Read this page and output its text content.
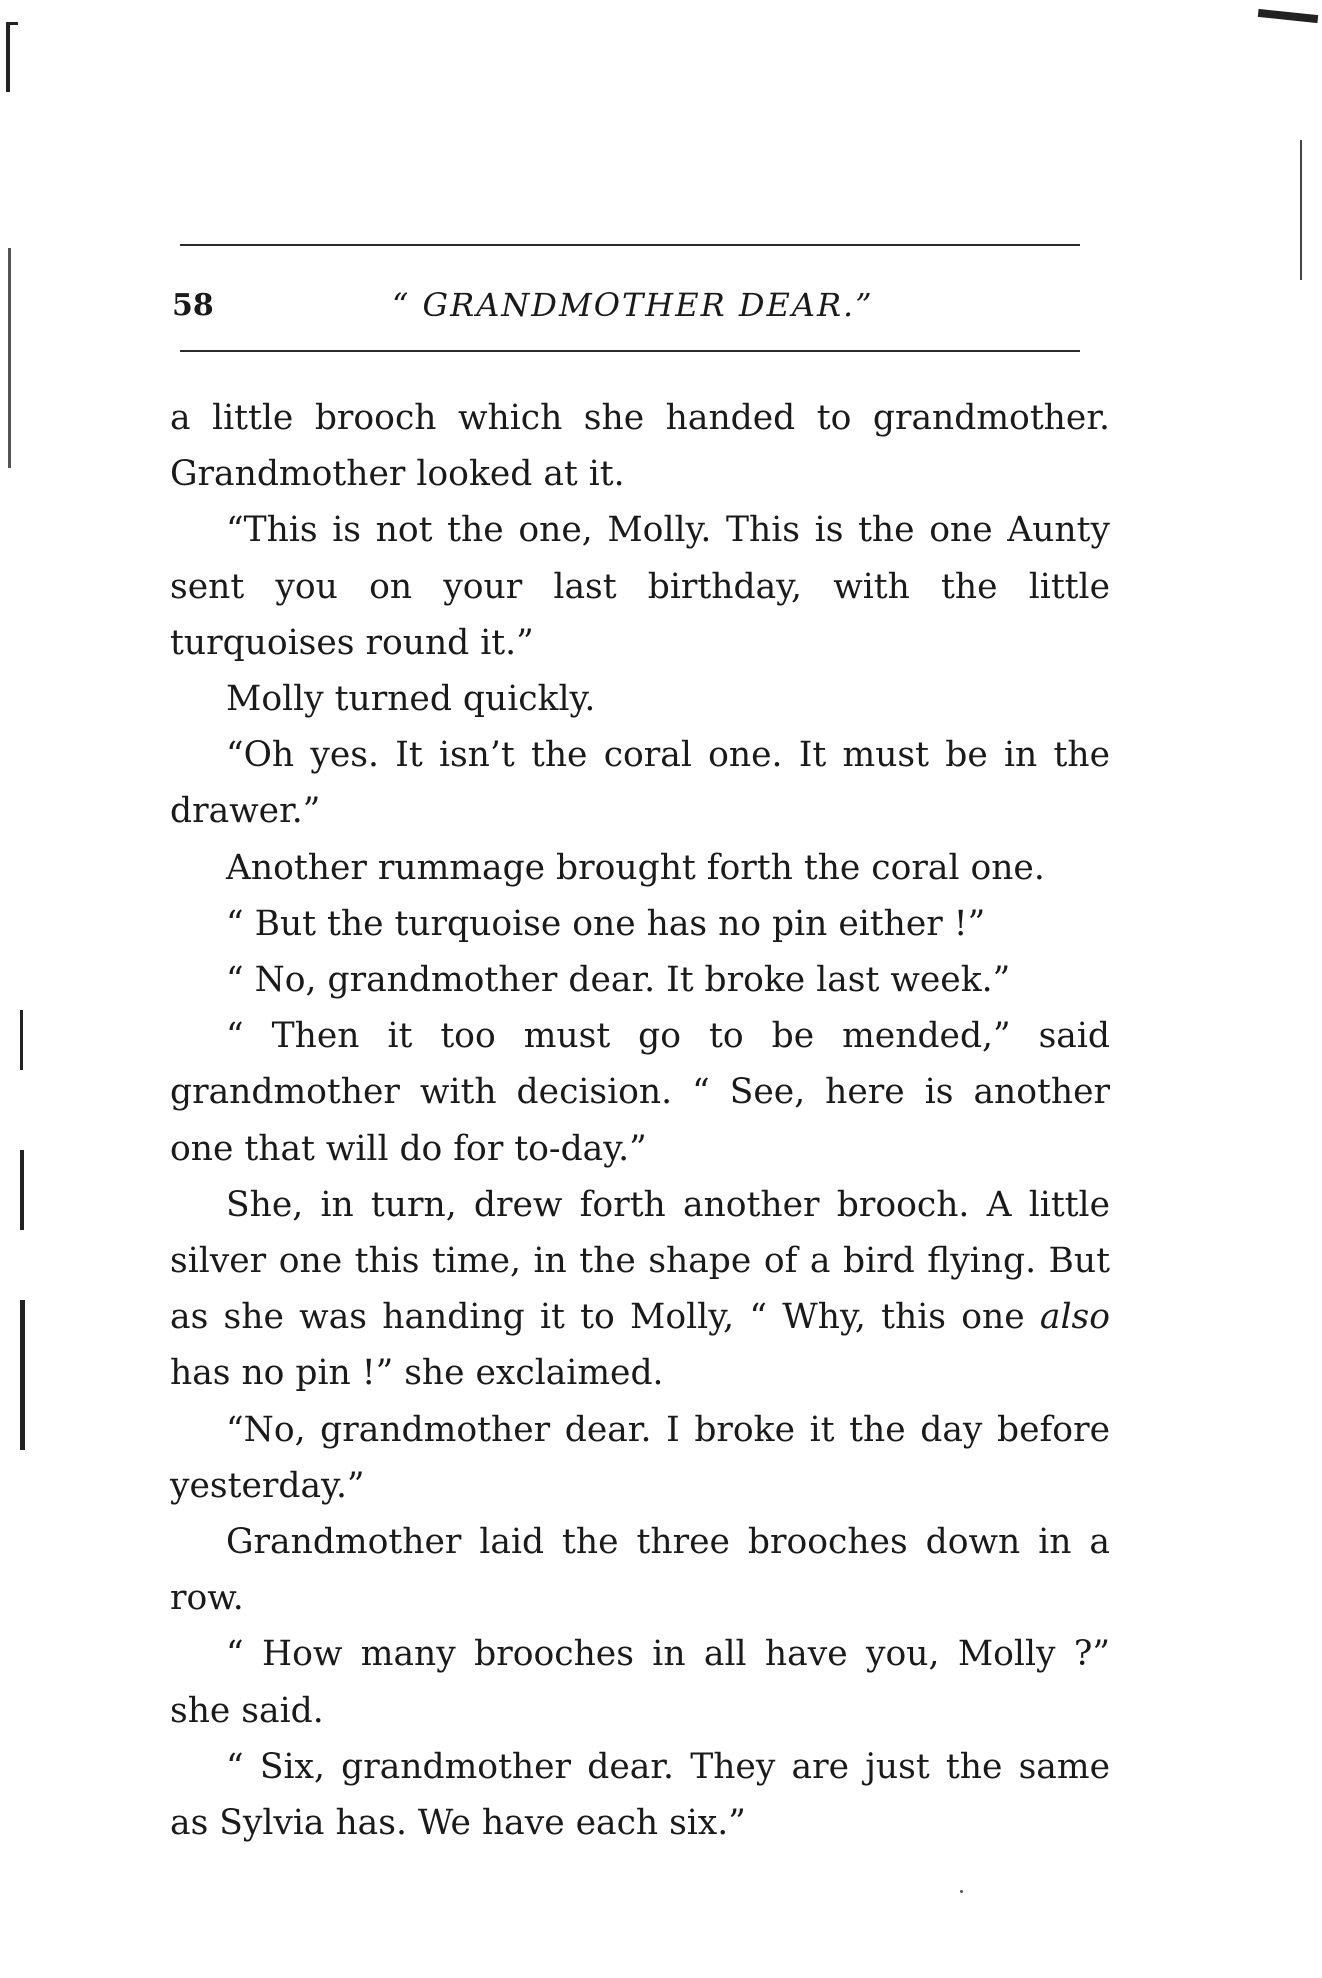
58	“ GRANDMOTHER DEAR.”

a little brooch which she handed to grandmother. Grandmother looked at it.

“This is not the one, Molly. This is the one Aunty sent you on your last birthday, with the little turquoises round it.”

Molly turned quickly.

“Oh yes. It isn’t the coral one. It must be in the drawer.”

Another rummage brought forth the coral one.

“ But the turquoise one has no pin either !”

“ No, grandmother dear. It broke last week.”

“ Then it too must go to be mended,” said grandmother with decision. “ See, here is another one that will do for to-day.”

She, in turn, drew forth another brooch. A little silver one this time, in the shape of a bird flying. But as she was handing it to Molly, “ Why, this one also has no pin !” she exclaimed.

“No, grandmother dear. I broke it the day before yesterday.”

Grandmother laid the three brooches down in a row.

“ How many brooches in all have you, Molly ?” she said.

“ Six, grandmother dear. They are just the same as Sylvia has. We have each six.”
